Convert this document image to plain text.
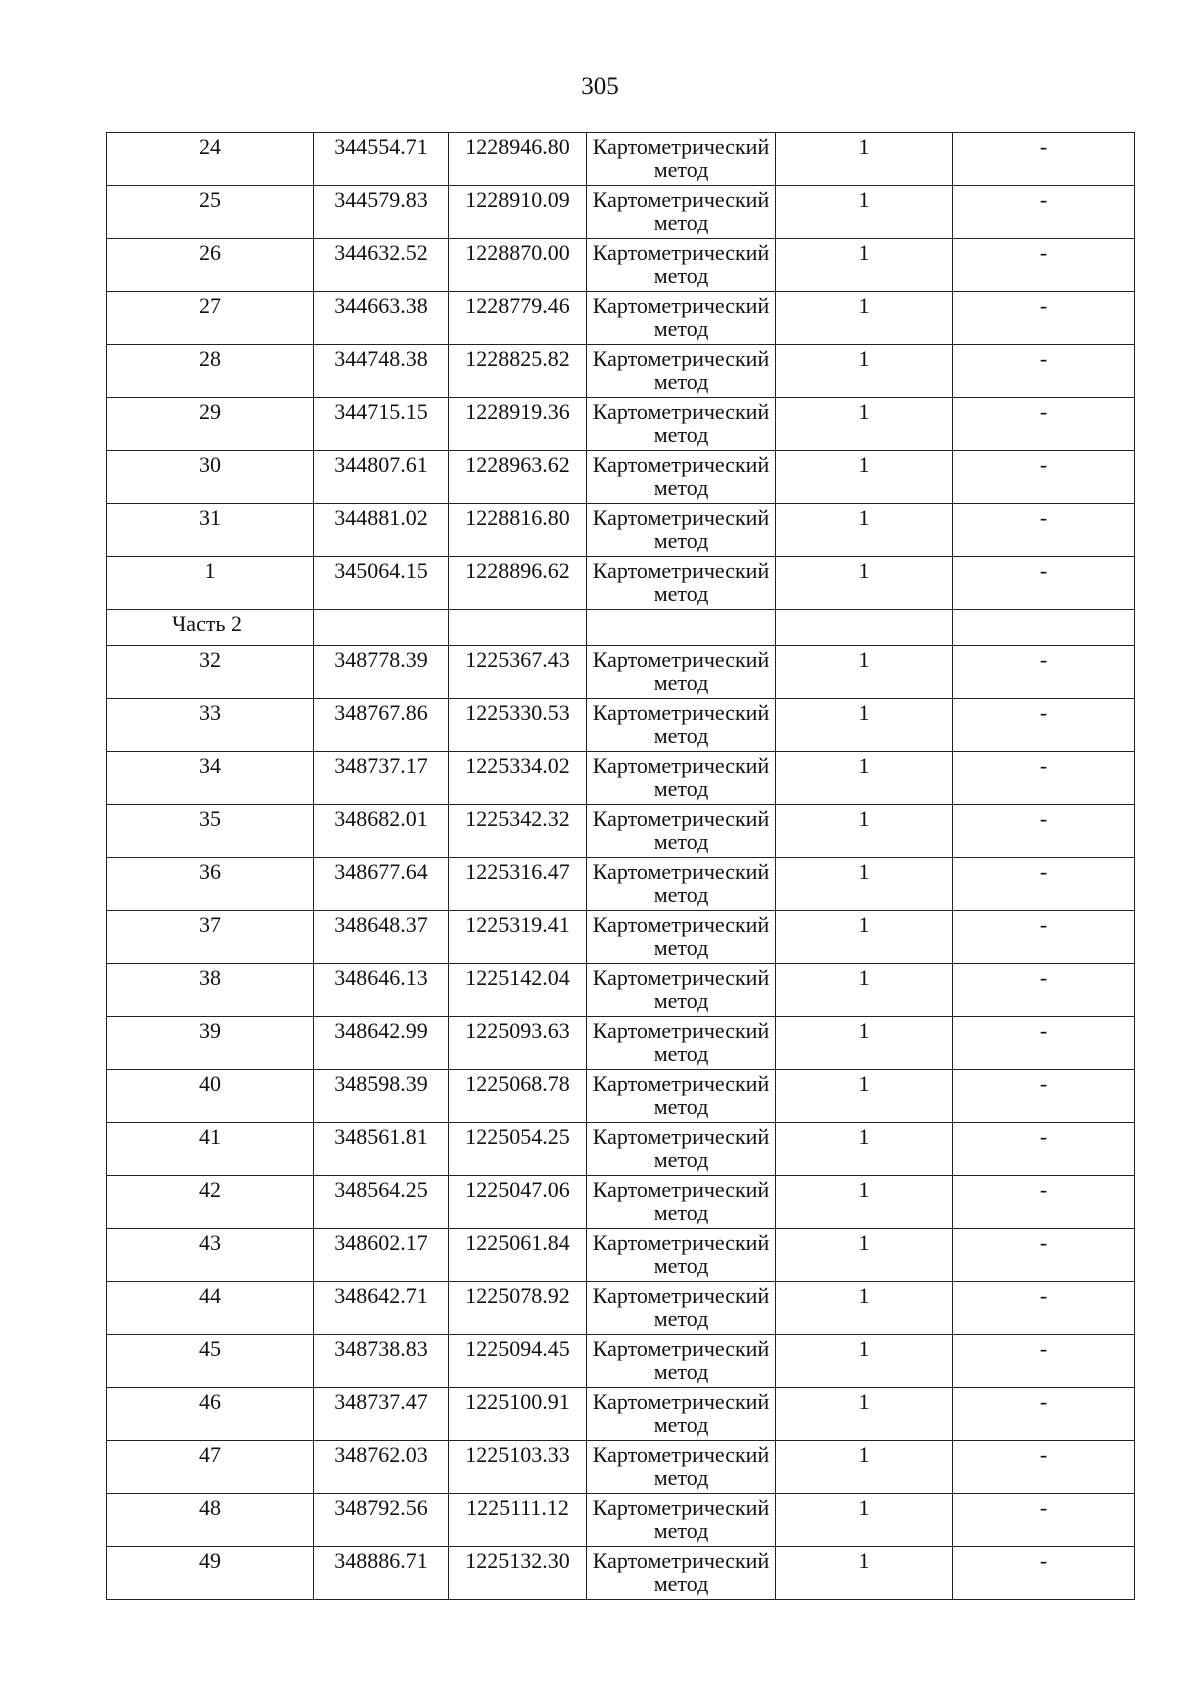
305
24	344554.71	1228946.80	Картометрический метод	1	-
25	344579.83	1228910.09	Картометрический метод	1	-
26	344632.52	1228870.00	Картометрический метод	1	-
27	344663.38	1228779.46	Картометрический метод	1	-
28	344748.38	1228825.82	Картометрический метод	1	-
29	344715.15	1228919.36	Картометрический метод	1	-
30	344807.61	1228963.62	Картометрический метод	1	-
31	344881.02	1228816.80	Картометрический метод	1	-
1	345064.15	1228896.62	Картометрический метод	1	-
Часть 2					
32	348778.39	1225367.43	Картометрический метод	1	-
33	348767.86	1225330.53	Картометрический метод	1	-
34	348737.17	1225334.02	Картометрический метод	1	-
35	348682.01	1225342.32	Картометрический метод	1	-
36	348677.64	1225316.47	Картометрический метод	1	-
37	348648.37	1225319.41	Картометрический метод	1	-
38	348646.13	1225142.04	Картометрический метод	1	-
39	348642.99	1225093.63	Картометрический метод	1	-
40	348598.39	1225068.78	Картометрический метод	1	-
41	348561.81	1225054.25	Картометрический метод	1	-
42	348564.25	1225047.06	Картометрический метод	1	-
43	348602.17	1225061.84	Картометрический метод	1	-
44	348642.71	1225078.92	Картометрический метод	1	-
45	348738.83	1225094.45	Картометрический метод	1	-
46	348737.47	1225100.91	Картометрический метод	1	-
47	348762.03	1225103.33	Картометрический метод	1	-
48	348792.56	1225111.12	Картометрический метод	1	-
49	348886.71	1225132.30	Картометрический метод	1	-
